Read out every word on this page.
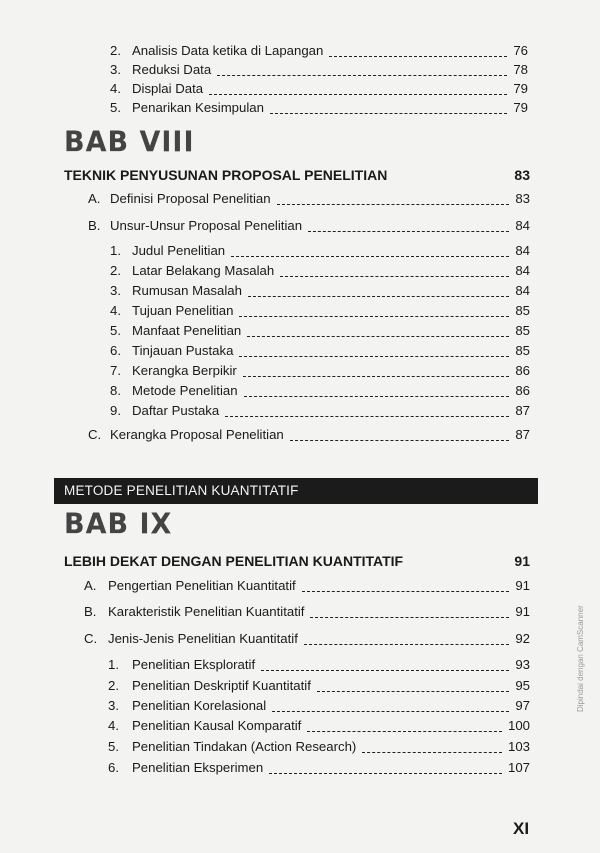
2. Analisis Data ketika di Lapangan	76
3. Reduksi Data	78
4. Displai Data	79
5. Penarikan Kesimpulan	79
BAB VIII
TEKNIK PENYUSUNAN PROPOSAL PENELITIAN	83
A. Definisi Proposal Penelitian	83
B. Unsur-Unsur Proposal Penelitian	84
1. Judul Penelitian	84
2. Latar Belakang Masalah	84
3. Rumusan Masalah	84
4. Tujuan Penelitian	85
5. Manfaat Penelitian	85
6. Tinjauan Pustaka	85
7. Kerangka Berpikir	86
8. Metode Penelitian	86
9. Daftar Pustaka	87
C. Kerangka Proposal Penelitian	87
METODE PENELITIAN KUANTITATIF
BAB IX
LEBIH DEKAT DENGAN PENELITIAN KUANTITATIF	91
A. Pengertian Penelitian Kuantitatif	91
B. Karakteristik Penelitian Kuantitatif	91
C. Jenis-Jenis Penelitian Kuantitatif	92
1. Penelitian Eksploratif	93
2. Penelitian Deskriptif Kuantitatif	95
3. Penelitian Korelasional	97
4. Penelitian Kausal Komparatif	100
5. Penelitian Tindakan (Action Research)	103
6. Penelitian Eksperimen	107
XI
Dipindai dengan CamScanner
